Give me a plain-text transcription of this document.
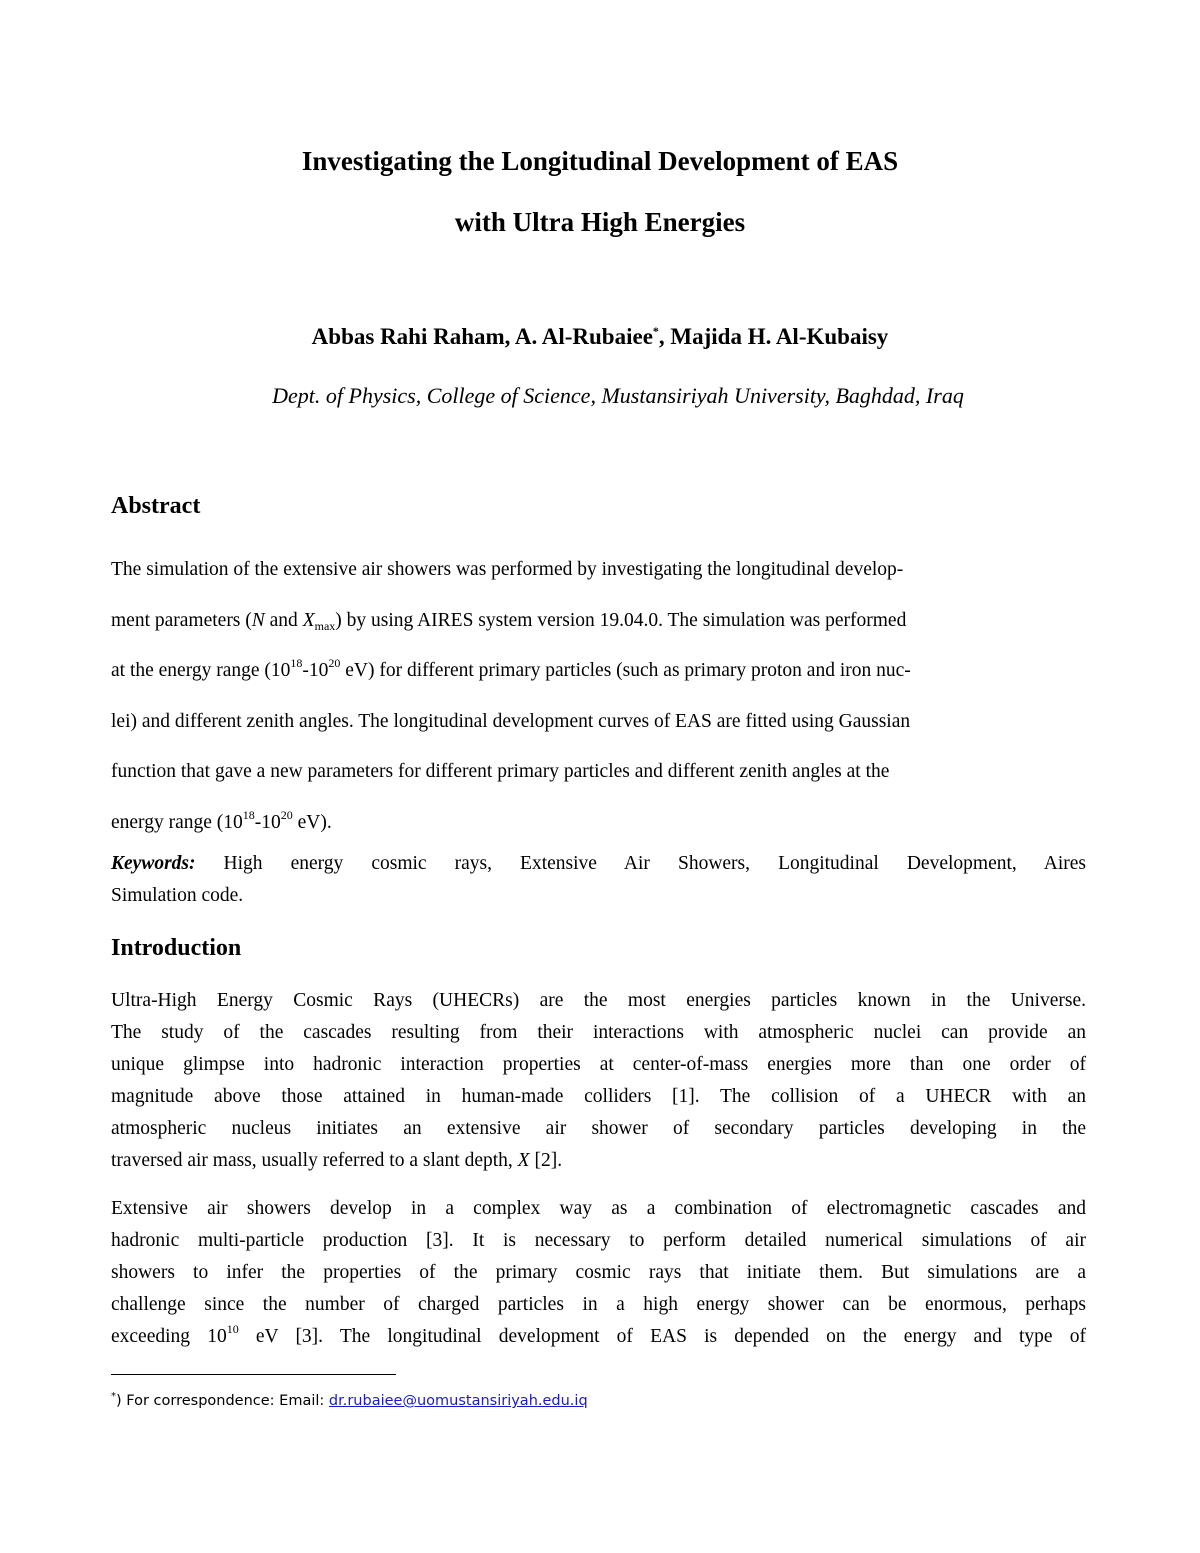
Investigating the Longitudinal Development of EAS
with Ultra High Energies
Abbas Rahi Raham, A. Al-Rubaiee*, Majida H. Al-Kubaisy
Dept. of Physics, College of Science, Mustansiriyah University, Baghdad, Iraq
Abstract
The simulation of the extensive air showers was performed by investigating the longitudinal develop-
ment parameters (N and $X_{max}$) by using AIRES system version 19.04.0. The simulation was performed
at the energy range ($10^{18}-10^{20}$ eV) for different primary particles (such as primary proton and iron nuc-
lei) and different zenith angles. The longitudinal development curves of EAS are fitted using Gaussian
function that gave a new parameters for different primary particles and different zenith angles at the
energy range ($10^{18}-10^{20}$ eV).
Keywords: High energy cosmic rays, Extensive Air Showers, Longitudinal Development, Aires
Simulation code.
Introduction
Ultra-High Energy Cosmic Rays (UHECRs) are the most energies particles known in the Universe.
The study of the cascades resulting from their interactions with atmospheric nuclei can provide an
unique glimpse into hadronic interaction properties at center-of-mass energies more than one order of
magnitude above those attained in human-made colliders [1]. The collision of a UHECR with an
atmospheric nucleus initiates an extensive air shower of secondary particles developing in the
traversed air mass, usually referred to a slant depth, X [2].
Extensive air showers develop in a complex way as a combination of electromagnetic cascades and
hadronic multi-particle production [3]. It is necessary to perform detailed numerical simulations of air
showers to infer the properties of the primary cosmic rays that initiate them. But simulations are a
challenge since the number of charged particles in a high energy shower can be enormous, perhaps
exceeding $10^{10}$ eV [3]. The longitudinal development of EAS is depended on the energy and type of
*) For correspondence: Email: dr.rubaiee@uomustansiriyah.edu.iq
